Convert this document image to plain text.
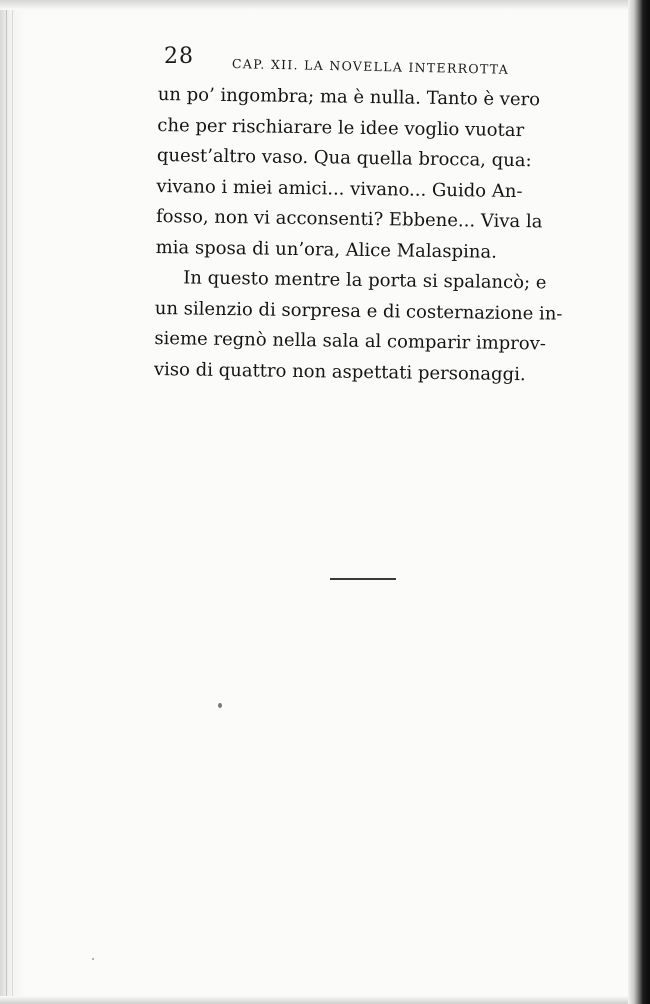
28	CAP. XII. LA NOVELLA INTERROTTA
un po’ ingombra; ma è nulla. Tanto è vero
che per rischiarare le idee voglio vuotar
quest’altro vaso. Qua quella brocca, qua:
vivano i miei amici... vivano... Guido An-
fosso, non vi acconsenti? Ebbene... Viva la
mia sposa di un’ora, Alice Malaspina.
In questo mentre la porta si spalancò; e
un silenzio di sorpresa e di costernazione in-
sieme regnò nella sala al comparir improv-
viso di quattro non aspettati personaggi.
